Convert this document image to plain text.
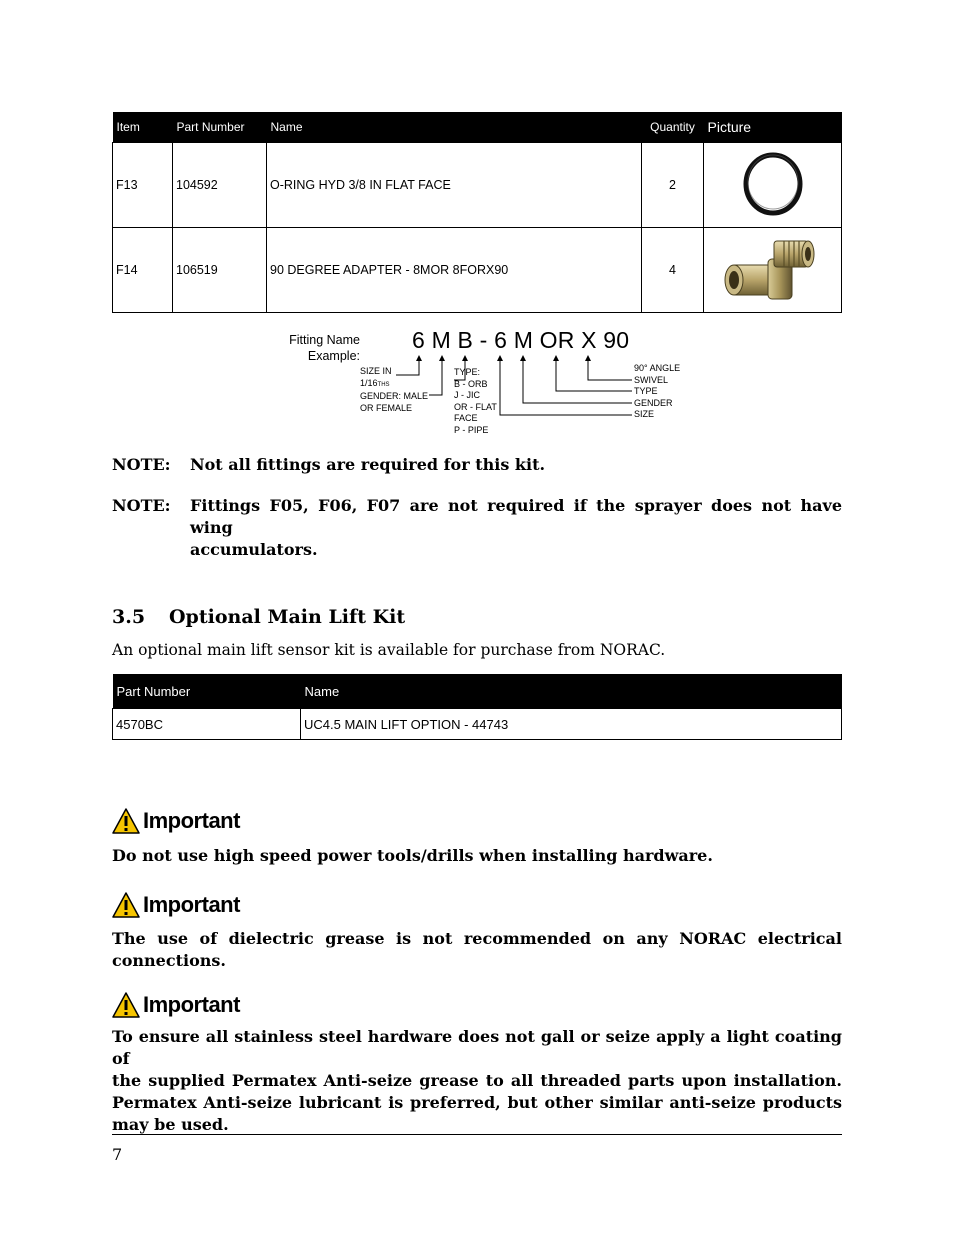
Item	Part Number	Name	Quantity	Picture
F13	104592	O-RING HYD 3/8 IN FLAT FACE	2	
F14	106519	90 DEGREE ADAPTER - 8MOR 8FORX90	4	
Fitting Name
Example:
6 M B - 6 M OR X 90
SIZE IN
1/16THS
GENDER: MALE
OR FEMALE
TYPE:
B - ORB
J - JIC
OR - FLAT
FACE
P - PIPE
90° ANGLE
SWIVEL
TYPE
GENDER
SIZE
NOTE: Not all fittings are required for this kit.
NOTE:	Fittings F05, F06, F07 are not required if the sprayer does not have wing
accumulators.
3.5 Optional Main Lift Kit
An optional main lift sensor kit is available for purchase from NORAC.
Part Number	Name
4570BC	UC4.5 MAIN LIFT OPTION - 44743
Important
Do not use high speed power tools/drills when installing hardware.
Important
The use of dielectric grease is not recommended on any NORAC electrical
connections.
Important
To ensure all stainless steel hardware does not gall or seize apply a light coating of
the supplied Permatex Anti-seize grease to all threaded parts upon installation.
Permatex Anti-seize lubricant is preferred, but other similar anti-seize products
may be used.
7
